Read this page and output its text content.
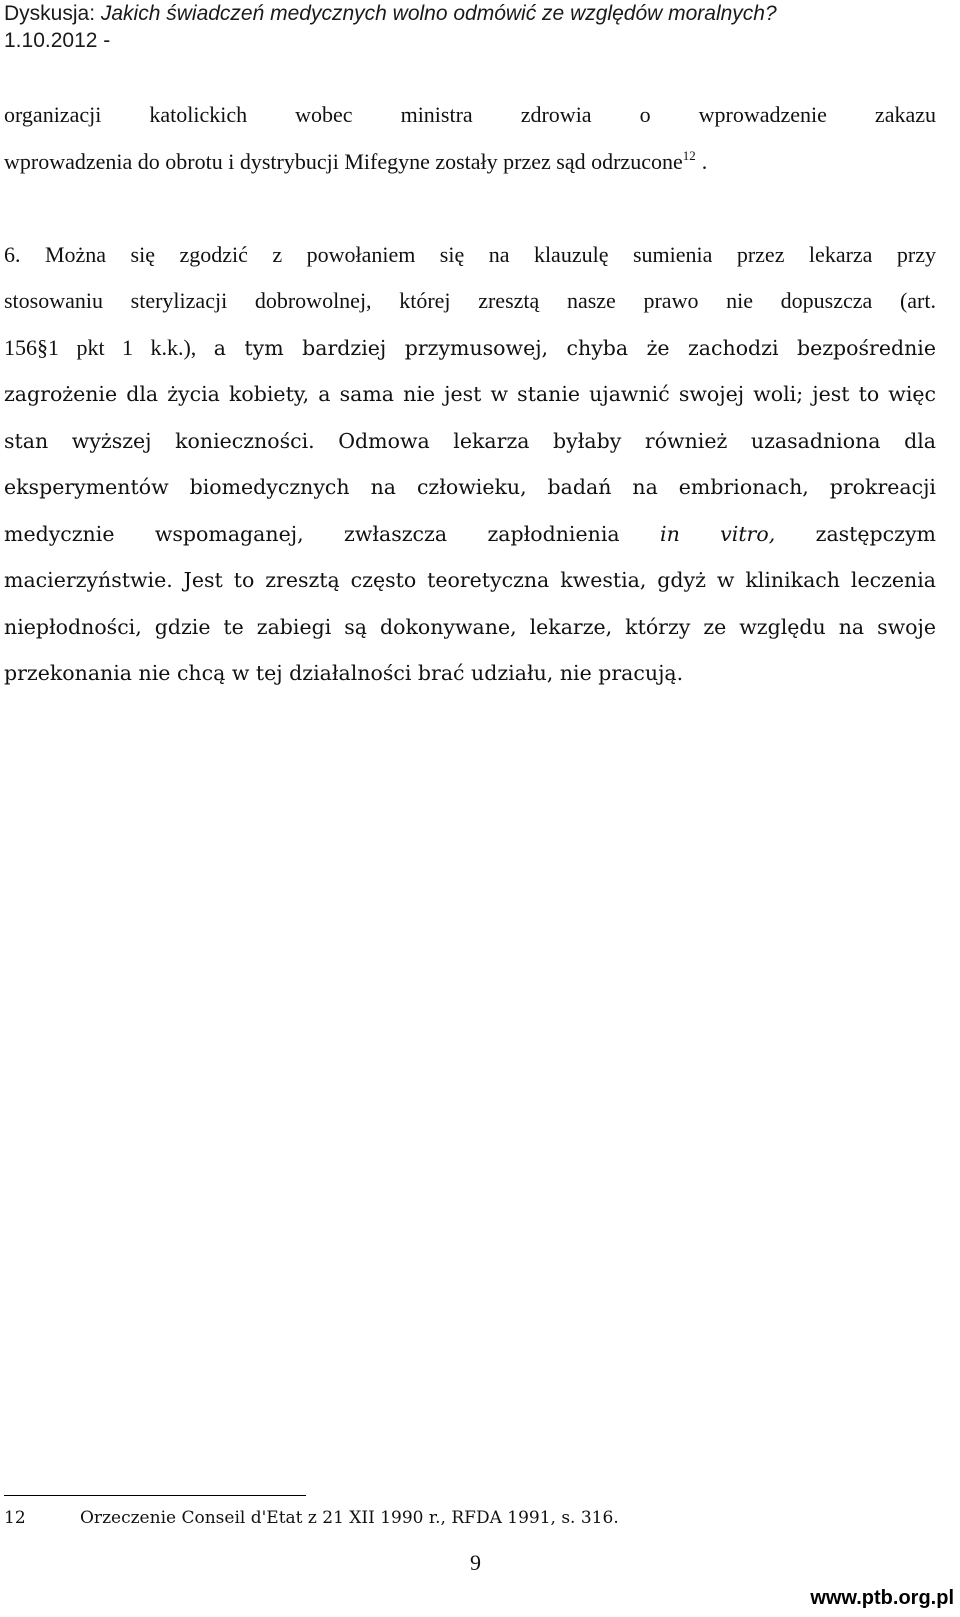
Dyskusja: Jakich świadczeń medycznych wolno odmówić ze względów moralnych?
1.10.2012 -
organizacji katolickich wobec ministra zdrowia o wprowadzenie zakazu
wprowadzenia do obrotu i dystrybucji Mifegyne zostały przez sąd odrzucone$^{12}$ .
6. Można się zgodzić z powołaniem się na klauzulę sumienia przez lekarza przy
stosowaniu sterylizacji dobrowolnej, której zresztą nasze prawo nie dopuszcza (art.
156§1 pkt 1 k.k.), a tym bardziej przymusowej, chyba że zachodzi bezpośrednie
zagrożenie dla życia kobiety, a sama nie jest w stanie ujawnić swojej woli; jest to więc
stan wyższej konieczności. Odmowa lekarza byłaby również uzasadniona dla
eksperymentów biomedycznych na człowieku, badań na embrionach, prokreacji
medycznie wspomaganej, zwłaszcza zapłodnienia in vitro, zastępczym
macierzyństwie. Jest to zresztą często teoretyczna kwestia, gdyż w klinikach leczenia
niepłodności, gdzie te zabiegi są dokonywane, lekarze, którzy ze względu na swoje
przekonania nie chcą w tej działalności brać udziału, nie pracują.
12	Orzeczenie Conseil d'Etat z 21 XII 1990 r., RFDA 1991, s. 316.
9
www.ptb.org.pl
